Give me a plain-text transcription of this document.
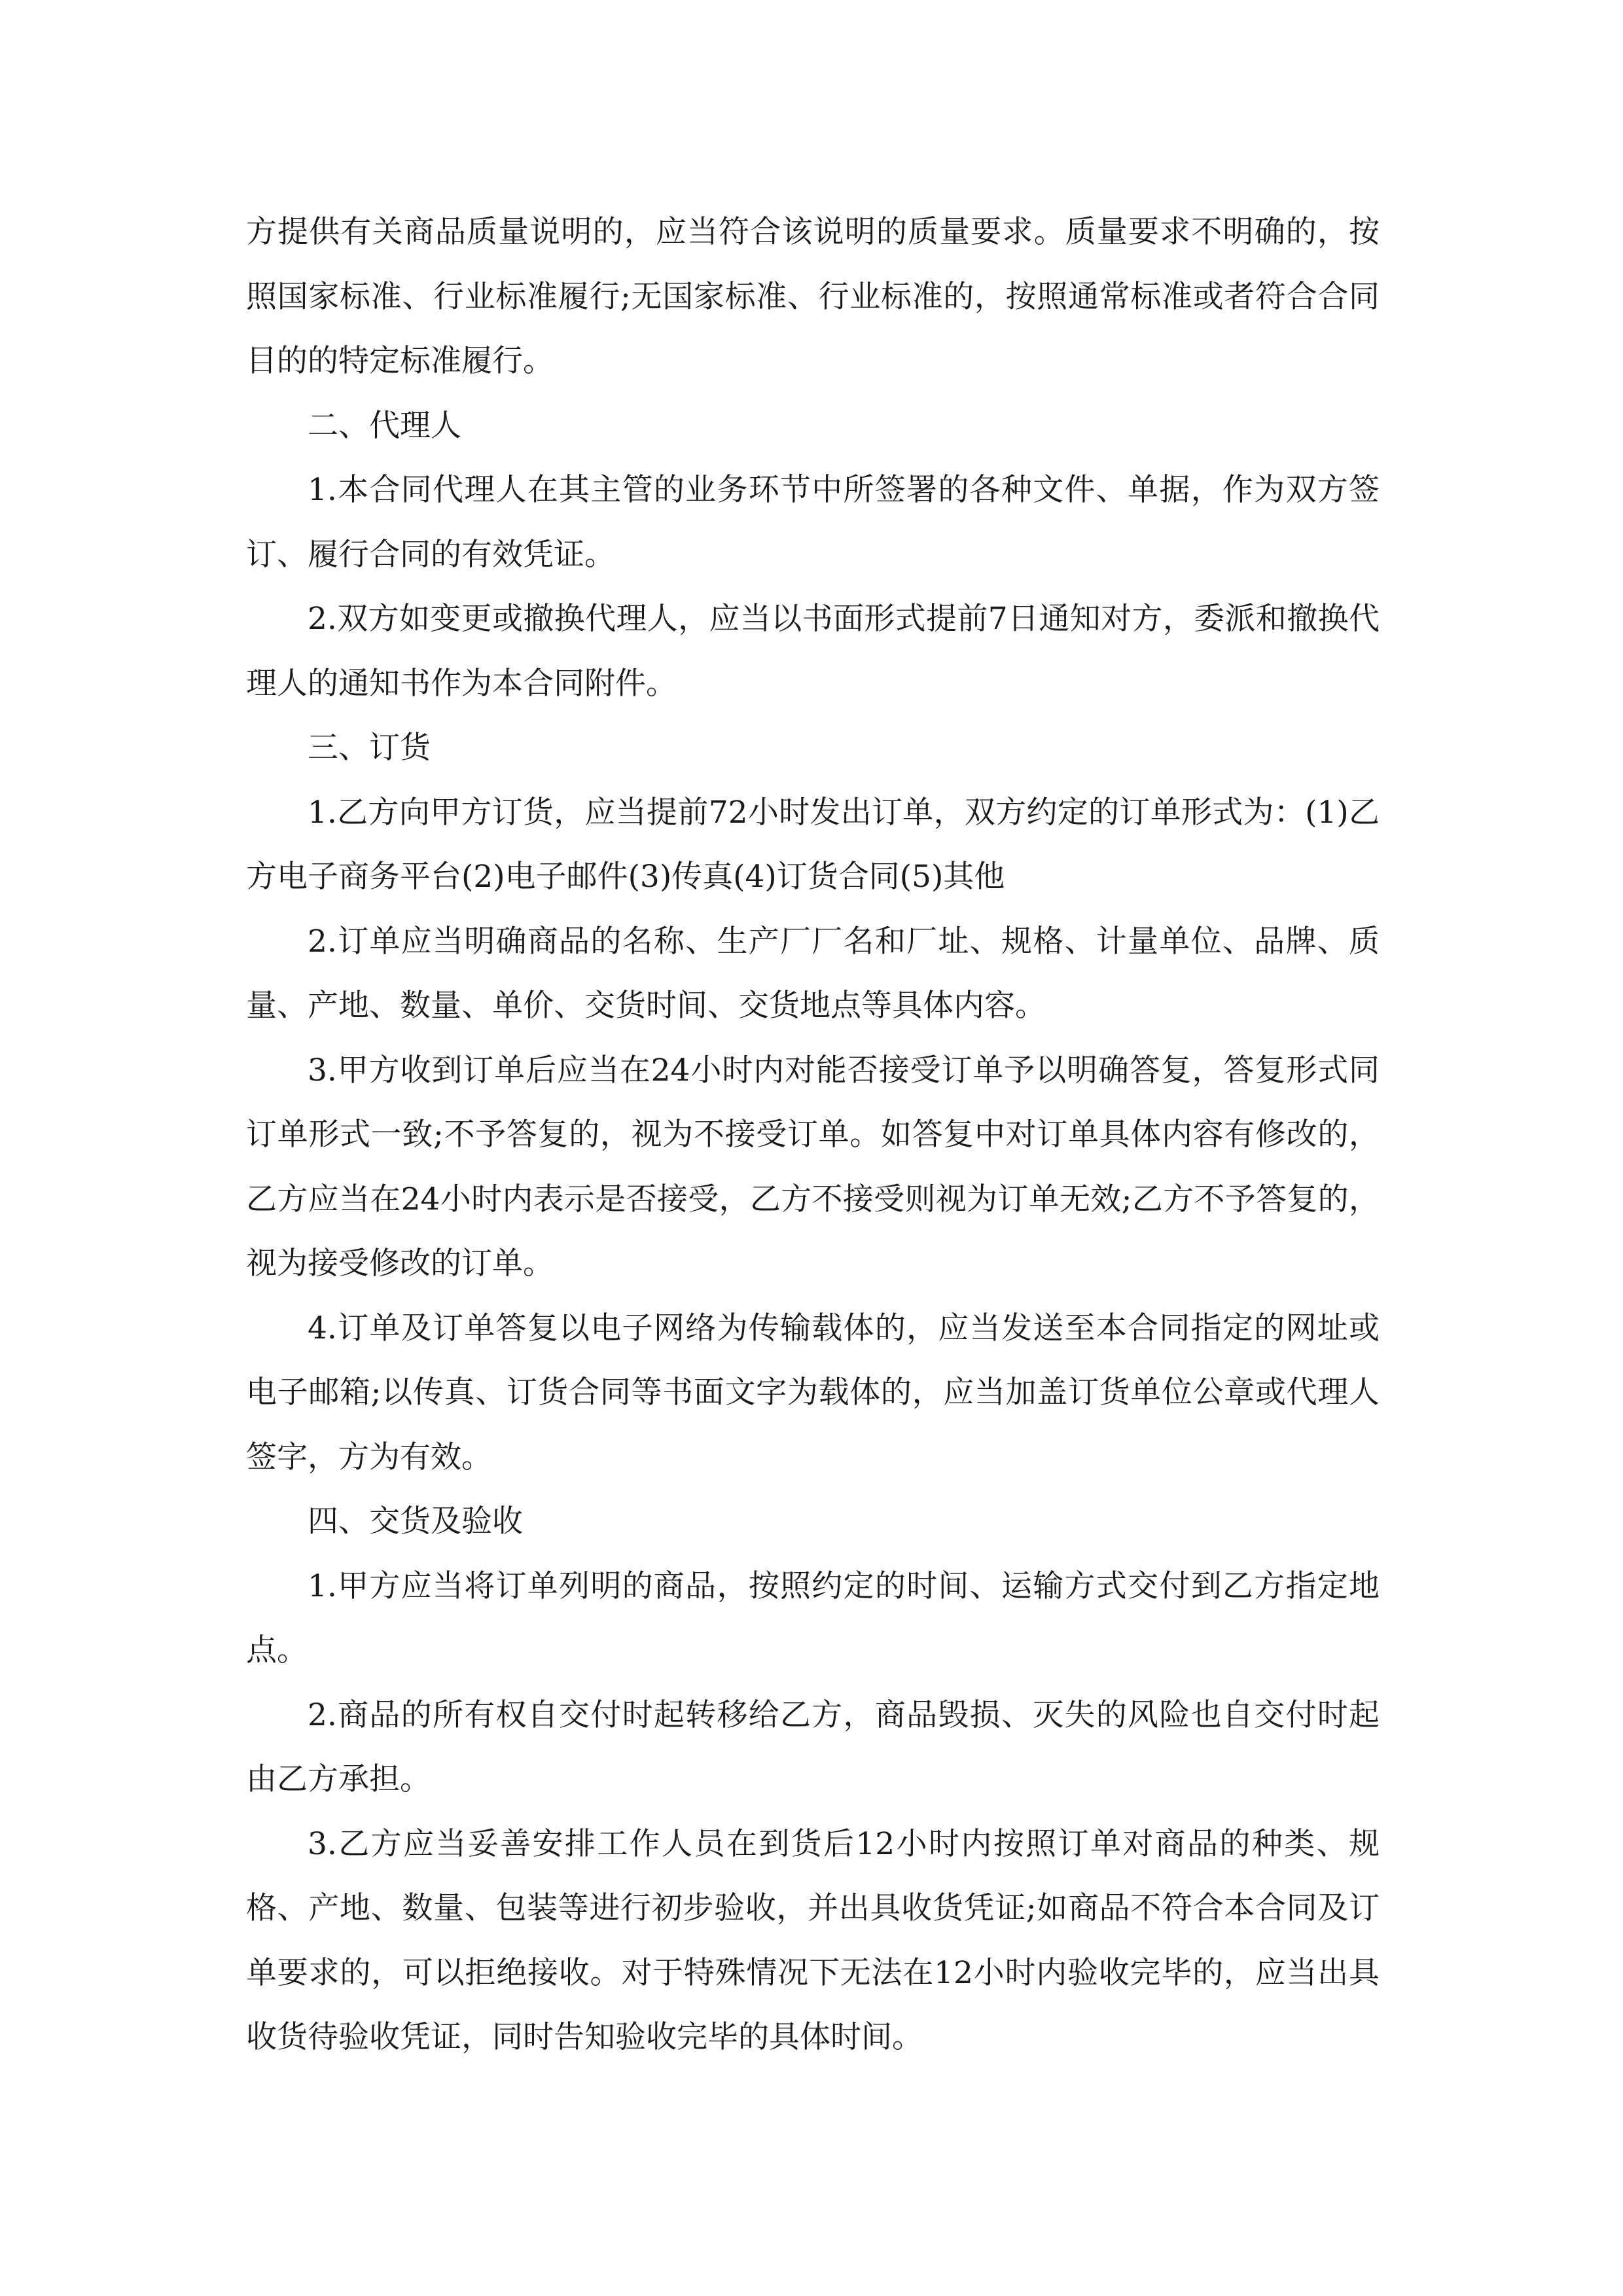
方提供有关商品质量说明的，应当符合该说明的质量要求。质量要求不明确的，按照国家标准、行业标准履行;无国家标准、行业标准的，按照通常标准或者符合合同目的的特定标准履行。

二、代理人

1.本合同代理人在其主管的业务环节中所签署的各种文件、单据，作为双方签订、履行合同的有效凭证。

2.双方如变更或撤换代理人，应当以书面形式提前7日通知对方，委派和撤换代理人的通知书作为本合同附件。

三、订货

1.乙方向甲方订货，应当提前72小时发出订单，双方约定的订单形式为：(1)乙方电子商务平台(2)电子邮件(3)传真(4)订货合同(5)其他

2.订单应当明确商品的名称、生产厂厂名和厂址、规格、计量单位、品牌、质量、产地、数量、单价、交货时间、交货地点等具体内容。

3.甲方收到订单后应当在24小时内对能否接受订单予以明确答复，答复形式同订单形式一致;不予答复的，视为不接受订单。如答复中对订单具体内容有修改的，乙方应当在24小时内表示是否接受，乙方不接受则视为订单无效;乙方不予答复的，视为接受修改的订单。

4.订单及订单答复以电子网络为传输载体的，应当发送至本合同指定的网址或电子邮箱;以传真、订货合同等书面文字为载体的，应当加盖订货单位公章或代理人签字，方为有效。

四、交货及验收

1.甲方应当将订单列明的商品，按照约定的时间、运输方式交付到乙方指定地点。

2.商品的所有权自交付时起转移给乙方，商品毁损、灭失的风险也自交付时起由乙方承担。

3.乙方应当妥善安排工作人员在到货后12小时内按照订单对商品的种类、规格、产地、数量、包装等进行初步验收，并出具收货凭证;如商品不符合本合同及订单要求的，可以拒绝接收。对于特殊情况下无法在12小时内验收完毕的，应当出具收货待验收凭证，同时告知验收完毕的具体时间。
